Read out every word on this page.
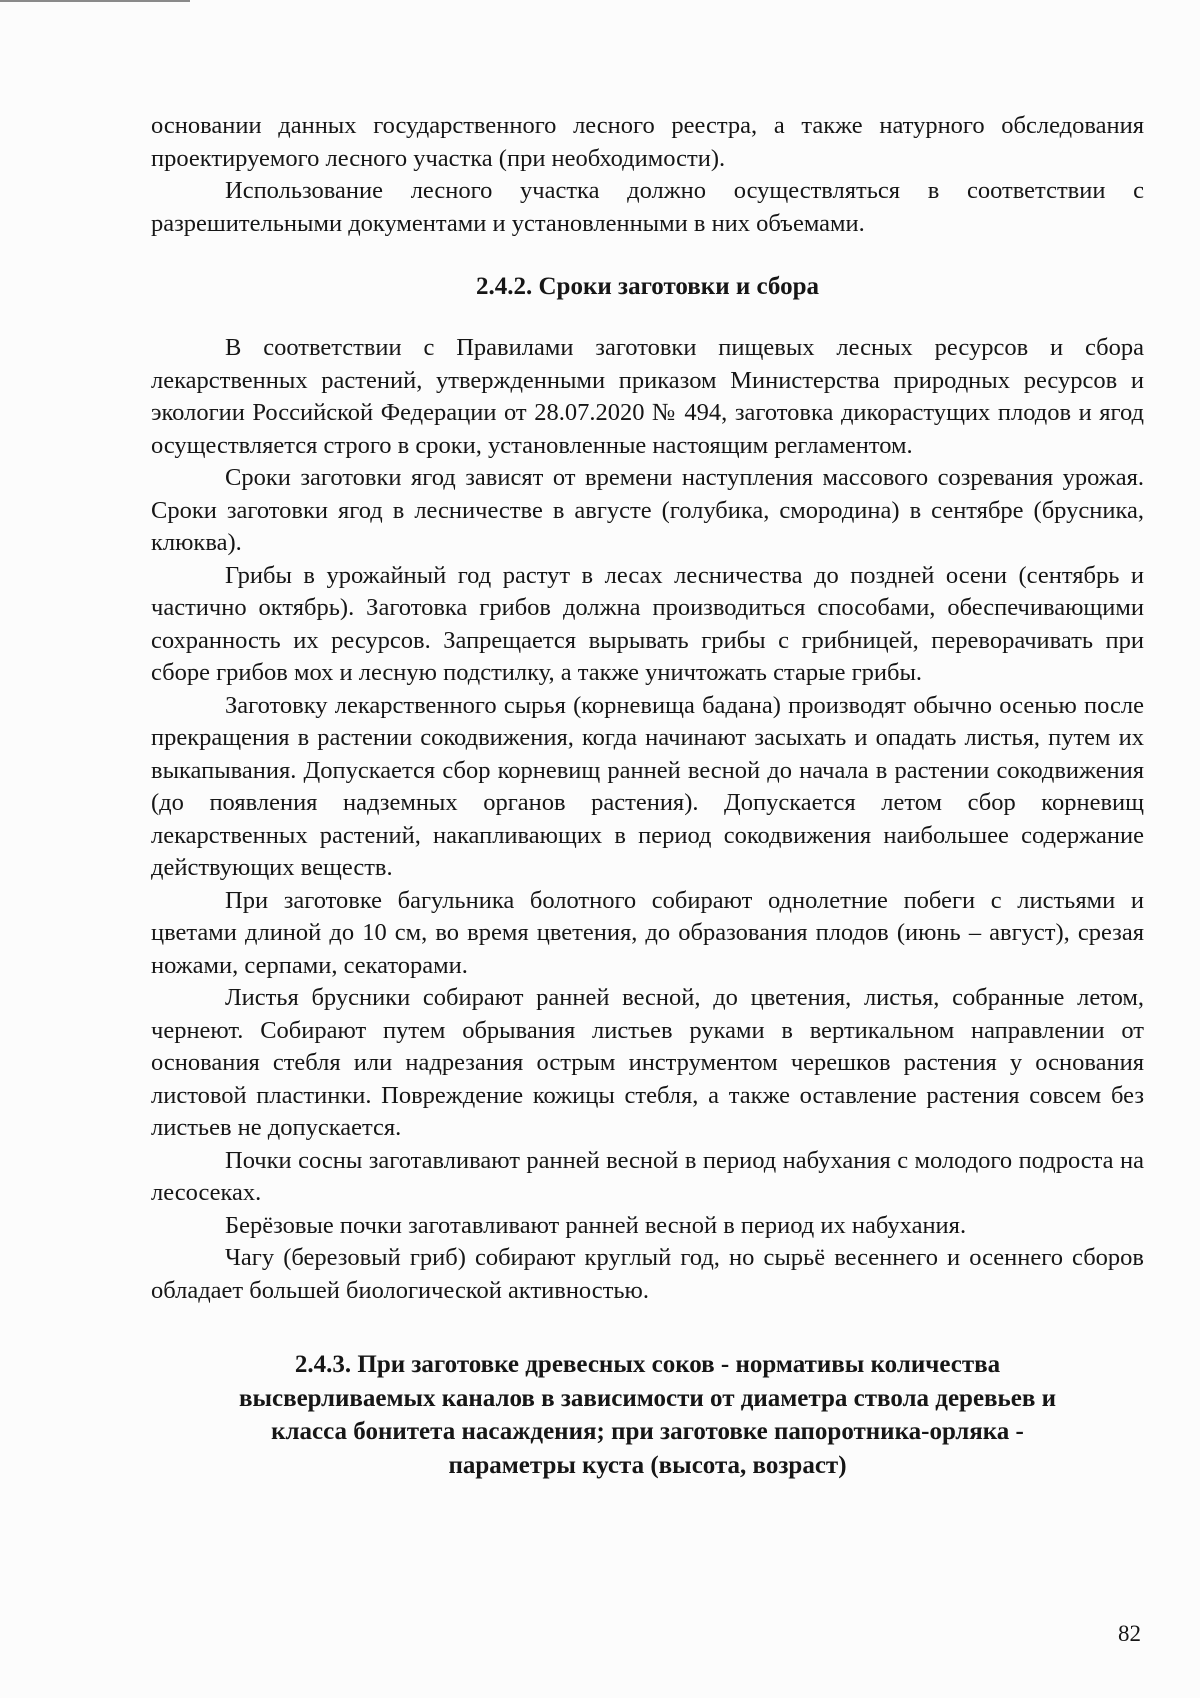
основании данных государственного лесного реестра, а также натурного обследования проектируемого лесного участка (при необходимости).

Использование лесного участка должно осуществляться в соответствии с разрешительными документами и установленными в них объемами.

2.4.2. Сроки заготовки и сбора

В соответствии с Правилами заготовки пищевых лесных ресурсов и сбора лекарственных растений, утвержденными приказом Министерства природных ресурсов и экологии Российской Федерации от 28.07.2020 № 494, заготовка дикорастущих плодов и ягод осуществляется строго в сроки, установленные настоящим регламентом.

Сроки заготовки ягод зависят от времени наступления массового созревания урожая. Сроки заготовки ягод в лесничестве в августе (голубика, смородина) в сентябре (брусника, клюква).

Грибы в урожайный год растут в лесах лесничества до поздней осени (сентябрь и частично октябрь). Заготовка грибов должна производиться способами, обеспечивающими сохранность их ресурсов. Запрещается вырывать грибы с грибницей, переворачивать при сборе грибов мох и лесную подстилку, а также уничтожать старые грибы.

Заготовку лекарственного сырья (корневища бадана) производят обычно осенью после прекращения в растении сокодвижения, когда начинают засыхать и опадать листья, путем их выкапывания. Допускается сбор корневищ ранней весной до начала в растении сокодвижения (до появления надземных органов растения). Допускается летом сбор корневищ лекарственных растений, накапливающих в период сокодвижения наибольшее содержание действующих веществ.

При заготовке багульника болотного собирают однолетние побеги с листьями и цветами длиной до 10 см, во время цветения, до образования плодов (июнь – август), срезая ножами, серпами, секаторами.

Листья брусники собирают ранней весной, до цветения, листья, собранные летом, чернеют. Собирают путем обрывания листьев руками в вертикальном направлении от основания стебля или надрезания острым инструментом черешков растения у основания листовой пластинки. Повреждение кожицы стебля, а также оставление растения совсем без листьев не допускается.

Почки сосны заготавливают ранней весной в период набухания с молодого подроста на лесосеках.

Берёзовые почки заготавливают ранней весной в период их набухания.

Чагу (березовый гриб) собирают круглый год, но сырьё весеннего и осеннего сборов обладает большей биологической активностью.

2.4.3. При заготовке древесных соков - нормативы количества высверливаемых каналов в зависимости от диаметра ствола деревьев и класса бонитета насаждения; при заготовке папоротника-орляка - параметры куста (высота, возраст)
82
